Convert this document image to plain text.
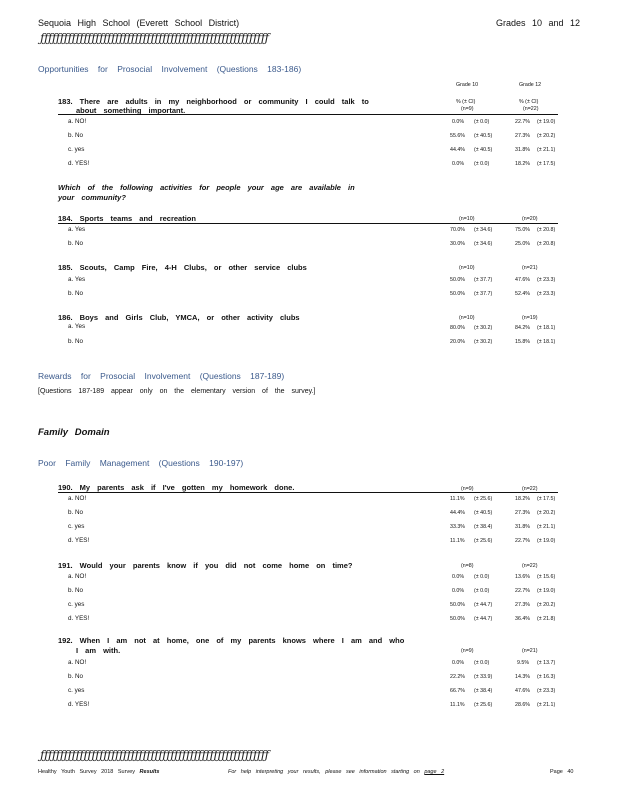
Sequoia High School (Everett School District)	Grades 10 and 12
ƒƒƒƒƒƒƒƒƒƒƒƒƒƒƒƒƒƒƒƒƒƒƒƒƒƒƒƒƒƒƒƒƒƒƒƒƒƒƒƒƒƒƒƒƒƒƒƒƒƒƒƒƒƒƒƒƒƒ
Opportunities for Prosocial Involvement (Questions 183-186)
Grade 10	Grade 12
% (± CI)	% (± CI)
183. There are adults in my neighborhood or community I could talk to
about something important.	(n=9)	(n=22)
a. NO!	0.0% (± 0.0)	22.7% (± 19.0)
b. No	55.6% (± 40.5)	27.3% (± 20.2)
c. yes	44.4% (± 40.5)	31.8% (± 21.1)
d. YES!	0.0% (± 0.0)	18.2% (± 17.5)
Which of the following activities for people your age are available in
your community?
184. Sports teams and recreation	(n=10)	(n=20)
a. Yes	70.0% (± 34.6)	75.0% (± 20.8)
b. No	30.0% (± 34.6)	25.0% (± 20.8)
185. Scouts, Camp Fire, 4-H Clubs, or other service clubs	(n=10)	(n=21)
a. Yes	50.0% (± 37.7)	47.6% (± 23.3)
b. No	50.0% (± 37.7)	52.4% (± 23.3)
186. Boys and Girls Club, YMCA, or other activity clubs	(n=10)	(n=19)
a. Yes	80.0% (± 30.2)	84.2% (± 18.1)
b. No	20.0% (± 30.2)	15.8% (± 18.1)
Rewards for Prosocial Involvement (Questions 187-189)
[Questions 187-189 appear only on the elementary version of the survey.]
Family Domain
Poor Family Management (Questions 190-197)
190. My parents ask if I've gotten my homework done.	(n=9)	(n=22)
a. NO!	11.1% (± 25.6)	18.2% (± 17.5)
b. No	44.4% (± 40.5)	27.3% (± 20.2)
c. yes	33.3% (± 38.4)	31.8% (± 21.1)
d. YES!	11.1% (± 25.6)	22.7% (± 19.0)
191. Would your parents know if you did not come home on time?	(n=8)	(n=22)
a. NO!	0.0% (± 0.0)	13.6% (± 15.6)
b. No	0.0% (± 0.0)	22.7% (± 19.0)
c. yes	50.0% (± 44.7)	27.3% (± 20.2)
d. YES!	50.0% (± 44.7)	36.4% (± 21.8)
192. When I am not at home, one of my parents knows where I am and who
I am with.	(n=9)	(n=21)
a. NO!	0.0% (± 0.0)	9.5% (± 13.7)
b. No	22.2% (± 33.9)	14.3% (± 16.3)
c. yes	66.7% (± 38.4)	47.6% (± 23.3)
d. YES!	11.1% (± 25.6)	28.6% (± 21.1)
ƒƒƒƒƒƒƒƒƒƒƒƒƒƒƒƒƒƒƒƒƒƒƒƒƒƒƒƒƒƒƒƒƒƒƒƒƒƒƒƒƒƒƒƒƒƒƒƒƒƒƒƒƒƒƒƒƒƒ
Healthy Youth Survey 2018 Survey Results	For help interpreting your results, please see information starting on page 2	Page 40
